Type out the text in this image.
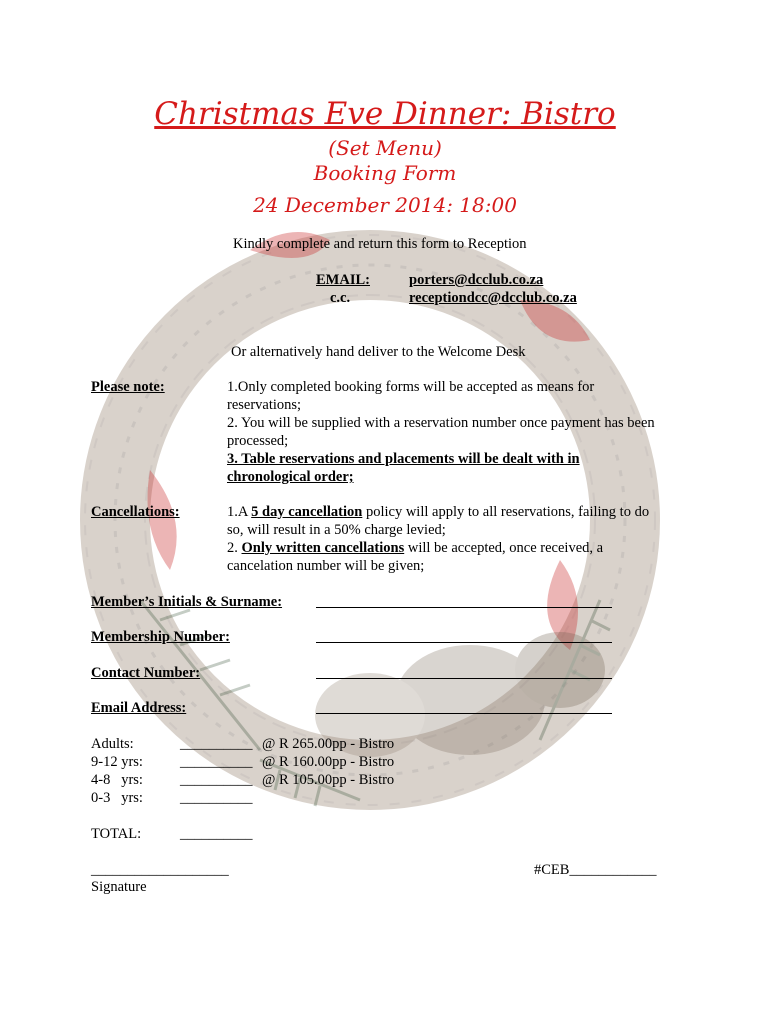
Christmas Eve Dinner: Bistro
(Set Menu)
Booking Form
24 December 2014: 18:00
Kindly complete and return this form to Reception
EMAIL:	porters@dcclub.co.za
c.c.	receptiondcc@dcclub.co.za
Or alternatively hand deliver to the Welcome Desk
Please note:	1.Only completed booking forms will be accepted as means for
reservations;
2. You will be supplied with a reservation number once payment has been
processed;
3. Table reservations and placements will be dealt with in
chronological order;
Cancellations:	1.A 5 day cancellation policy will apply to all reservations, failing to do
so, will result in a 50% charge levied;
2. Only written cancellations will be accepted, once received, a
cancelation number will be given;
Member’s Initials & Surname:
Membership Number:
Contact Number:
Email Address:
Adults:	__________ @ R 265.00pp - Bistro
9-12 yrs:	__________ @ R 160.00pp - Bistro
4-8   yrs:	__________ @ R 105.00pp - Bistro
0-3   yrs:	__________
TOTAL:	__________
___________________
Signature
#CEB____________
